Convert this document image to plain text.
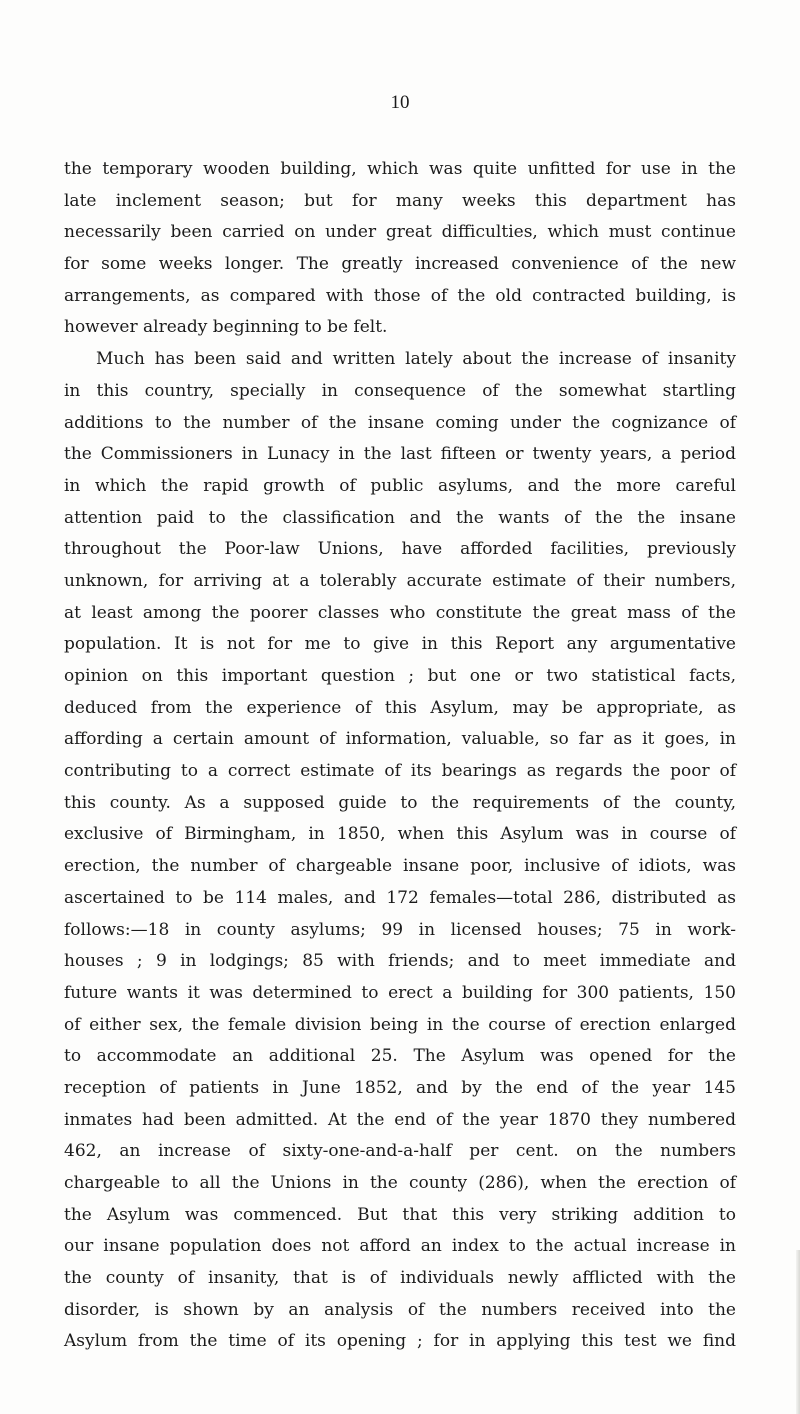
10
the temporary wooden building, which was quite unfitted for use in the
late inclement season; but for many weeks this department has
necessarily been carried on under great difficulties, which must continue
for some weeks longer. The greatly increased convenience of the new
arrangements, as compared with those of the old contracted building, is
however already beginning to be felt.
Much has been said and written lately about the increase of insanity
in this country, specially in consequence of the somewhat startling
additions to the number of the insane coming under the cognizance of
the Commissioners in Lunacy in the last fifteen or twenty years, a period
in which the rapid growth of public asylums, and the more careful
attention paid to the classification and the wants of the the insane
throughout the Poor-law Unions, have afforded facilities, previously
unknown, for arriving at a tolerably accurate estimate of their numbers,
at least among the poorer classes who constitute the great mass of the
population. It is not for me to give in this Report any argumentative
opinion on this important question ; but one or two statistical facts,
deduced from the experience of this Asylum, may be appropriate, as
affording a certain amount of information, valuable, so far as it goes, in
contributing to a correct estimate of its bearings as regards the poor of
this county. As a supposed guide to the requirements of the county,
exclusive of Birmingham, in 1850, when this Asylum was in course of
erection, the number of chargeable insane poor, inclusive of idiots, was
ascertained to be 114 males, and 172 females—total 286, distributed as
follows:—18 in county asylums; 99 in licensed houses; 75 in work-
houses ; 9 in lodgings; 85 with friends; and to meet immediate and
future wants it was determined to erect a building for 300 patients, 150
of either sex, the female division being in the course of erection enlarged
to accommodate an additional 25. The Asylum was opened for the
reception of patients in June 1852, and by the end of the year 145
inmates had been admitted. At the end of the year 1870 they numbered
462, an increase of sixty-one-and-a-half per cent. on the numbers
chargeable to all the Unions in the county (286), when the erection of
the Asylum was commenced. But that this very striking addition to
our insane population does not afford an index to the actual increase in
the county of insanity, that is of individuals newly afflicted with the
disorder, is shown by an analysis of the numbers received into the
Asylum from the time of its opening ; for in applying this test we find
